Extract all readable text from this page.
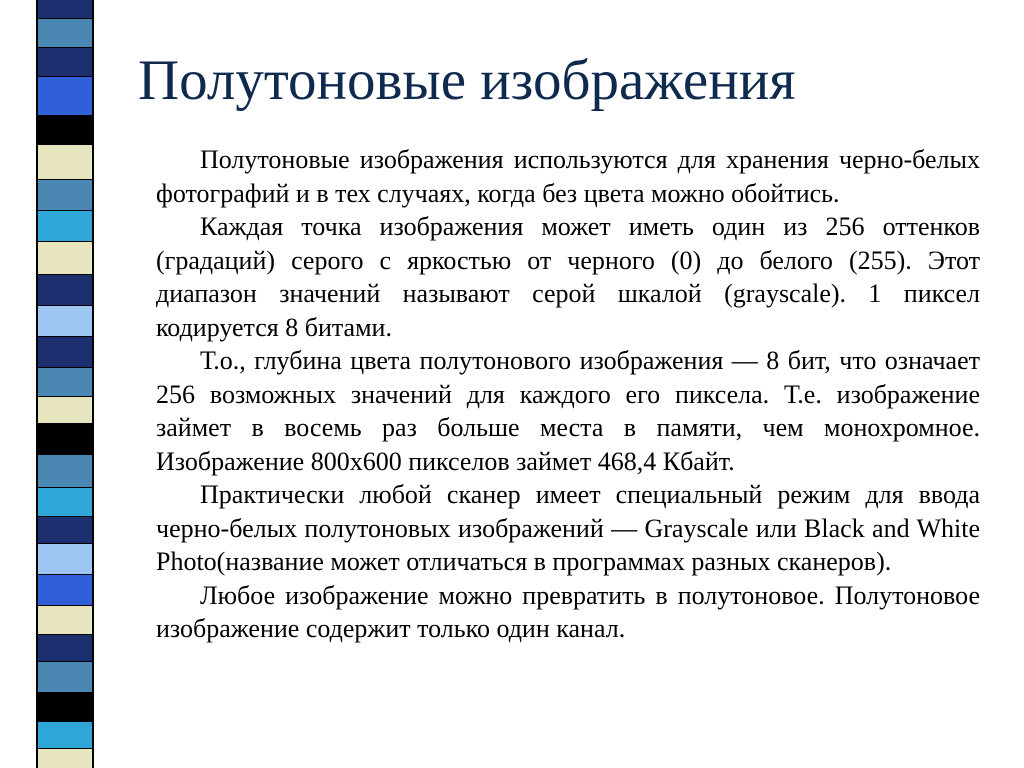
Полутоновые изображения

Полутоновые изображения используются для хранения черно-белых фотографий и в тех случаях, когда без цвета можно обойтись.

Каждая точка изображения может иметь один из 256 оттенков (градаций) серого с яркостью от черного (0) до белого (255). Этот диапазон значений называют серой шкалой (grayscale). 1 пиксел кодируется 8 битами.

Т.о., глубина цвета полутонового изображения — 8 бит, что означает 256 возможных значений для каждого его пиксела. Т.е. изображение займет в восемь раз больше места в памяти, чем монохромное. Изображение 800х600 пикселов займет 468,4 Кбайт.

Практически любой сканер имеет специальный режим для ввода черно-белых полутоновых изображений — Grayscale или Black and White Photo(название может отличаться в программах разных сканеров).

Любое изображение можно превратить в полутоновое. Полутоновое изображение содержит только один канал.
